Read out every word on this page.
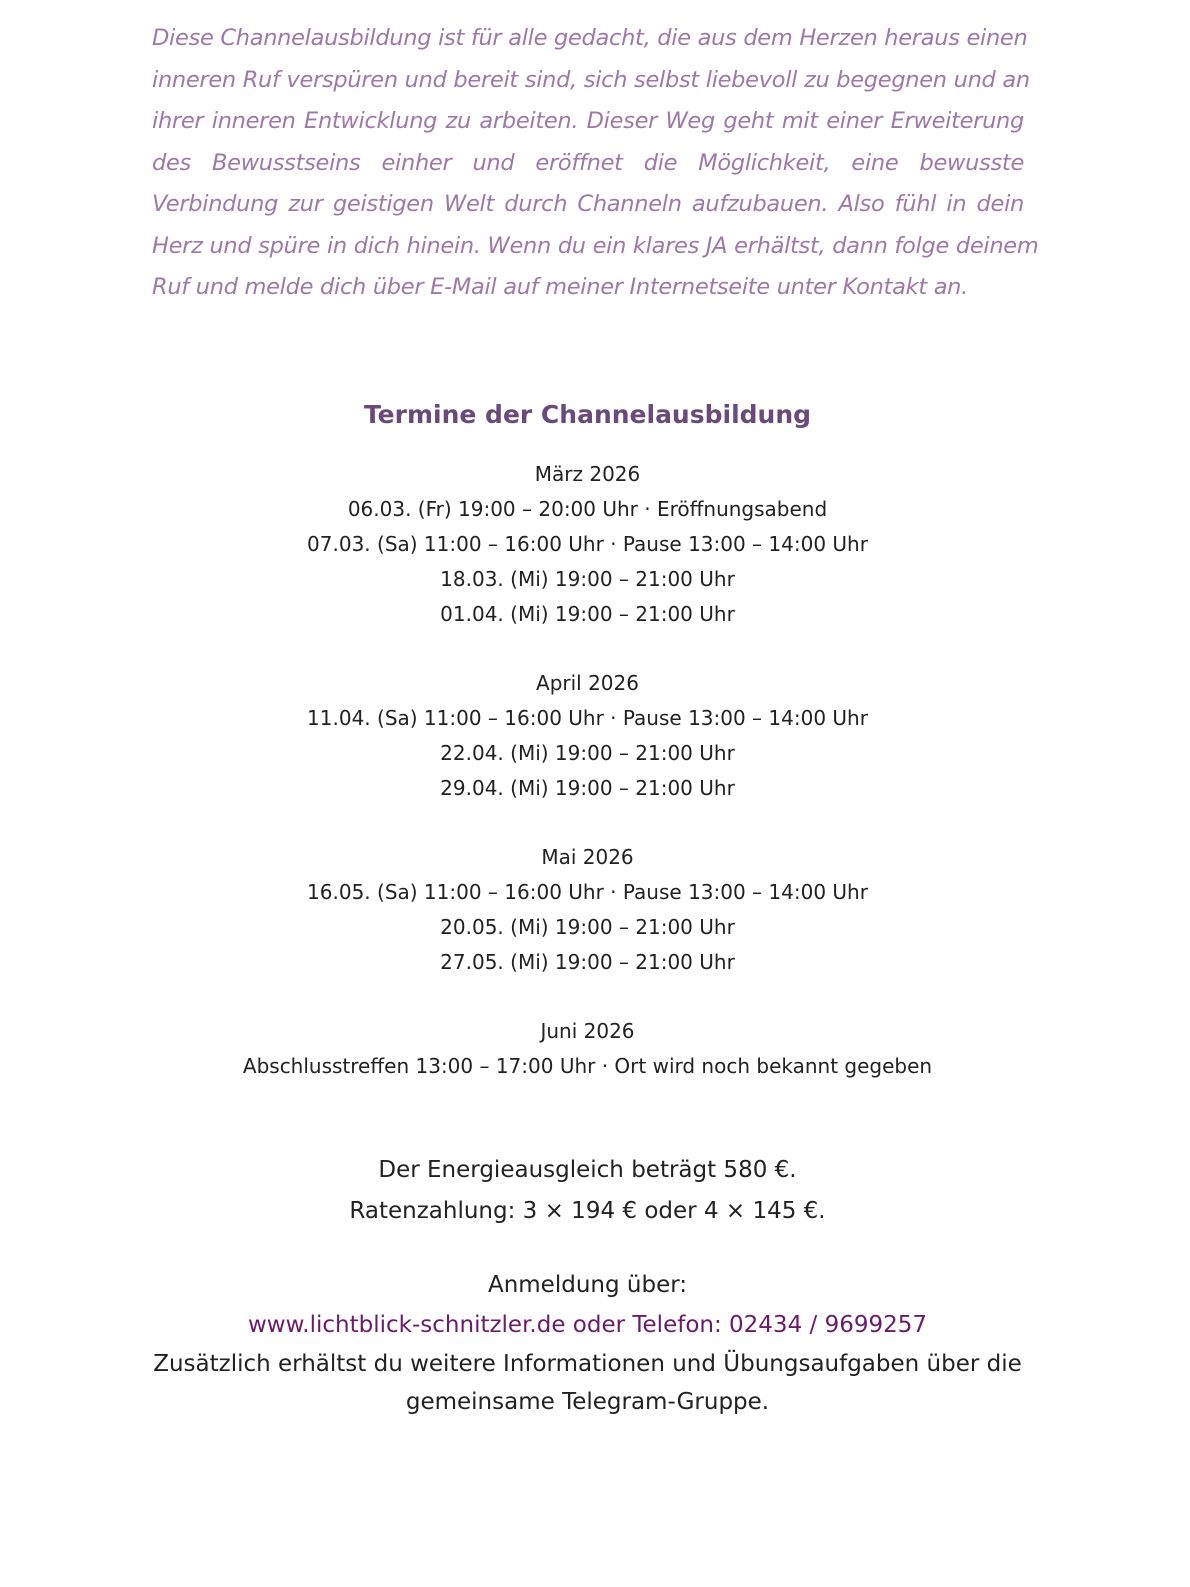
Diese Channelausbildung ist für alle gedacht, die aus dem Herzen heraus einen
inneren Ruf verspüren und bereit sind, sich selbst liebevoll zu begegnen und an
ihrer inneren Entwicklung zu arbeiten. Dieser Weg geht mit einer Erweiterung
des Bewusstseins einher und eröffnet die Möglichkeit, eine bewusste
Verbindung zur geistigen Welt durch Channeln aufzubauen. Also fühl in dein
Herz und spüre in dich hinein. Wenn du ein klares JA erhältst, dann folge deinem
Ruf und melde dich über E-Mail auf meiner Internetseite unter Kontakt an.
Termine der Channelausbildung
März 2026
06.03. (Fr) 19:00 – 20:00 Uhr · Eröffnungsabend
07.03. (Sa) 11:00 – 16:00 Uhr · Pause 13:00 – 14:00 Uhr
18.03. (Mi) 19:00 – 21:00 Uhr
01.04. (Mi) 19:00 – 21:00 Uhr
April 2026
11.04. (Sa) 11:00 – 16:00 Uhr · Pause 13:00 – 14:00 Uhr
22.04. (Mi) 19:00 – 21:00 Uhr
29.04. (Mi) 19:00 – 21:00 Uhr
Mai 2026
16.05. (Sa) 11:00 – 16:00 Uhr · Pause 13:00 – 14:00 Uhr
20.05. (Mi) 19:00 – 21:00 Uhr
27.05. (Mi) 19:00 – 21:00 Uhr
Juni 2026
Abschlusstreffen 13:00 – 17:00 Uhr · Ort wird noch bekannt gegeben
Der Energieausgleich beträgt 580 €.
Ratenzahlung: 3 × 194 € oder 4 × 145 €.
Anmeldung über:
www.lichtblick-schnitzler.de oder Telefon: 02434 / 9699257
Zusätzlich erhältst du weitere Informationen und Übungsaufgaben über die gemeinsame Telegram-Gruppe.
